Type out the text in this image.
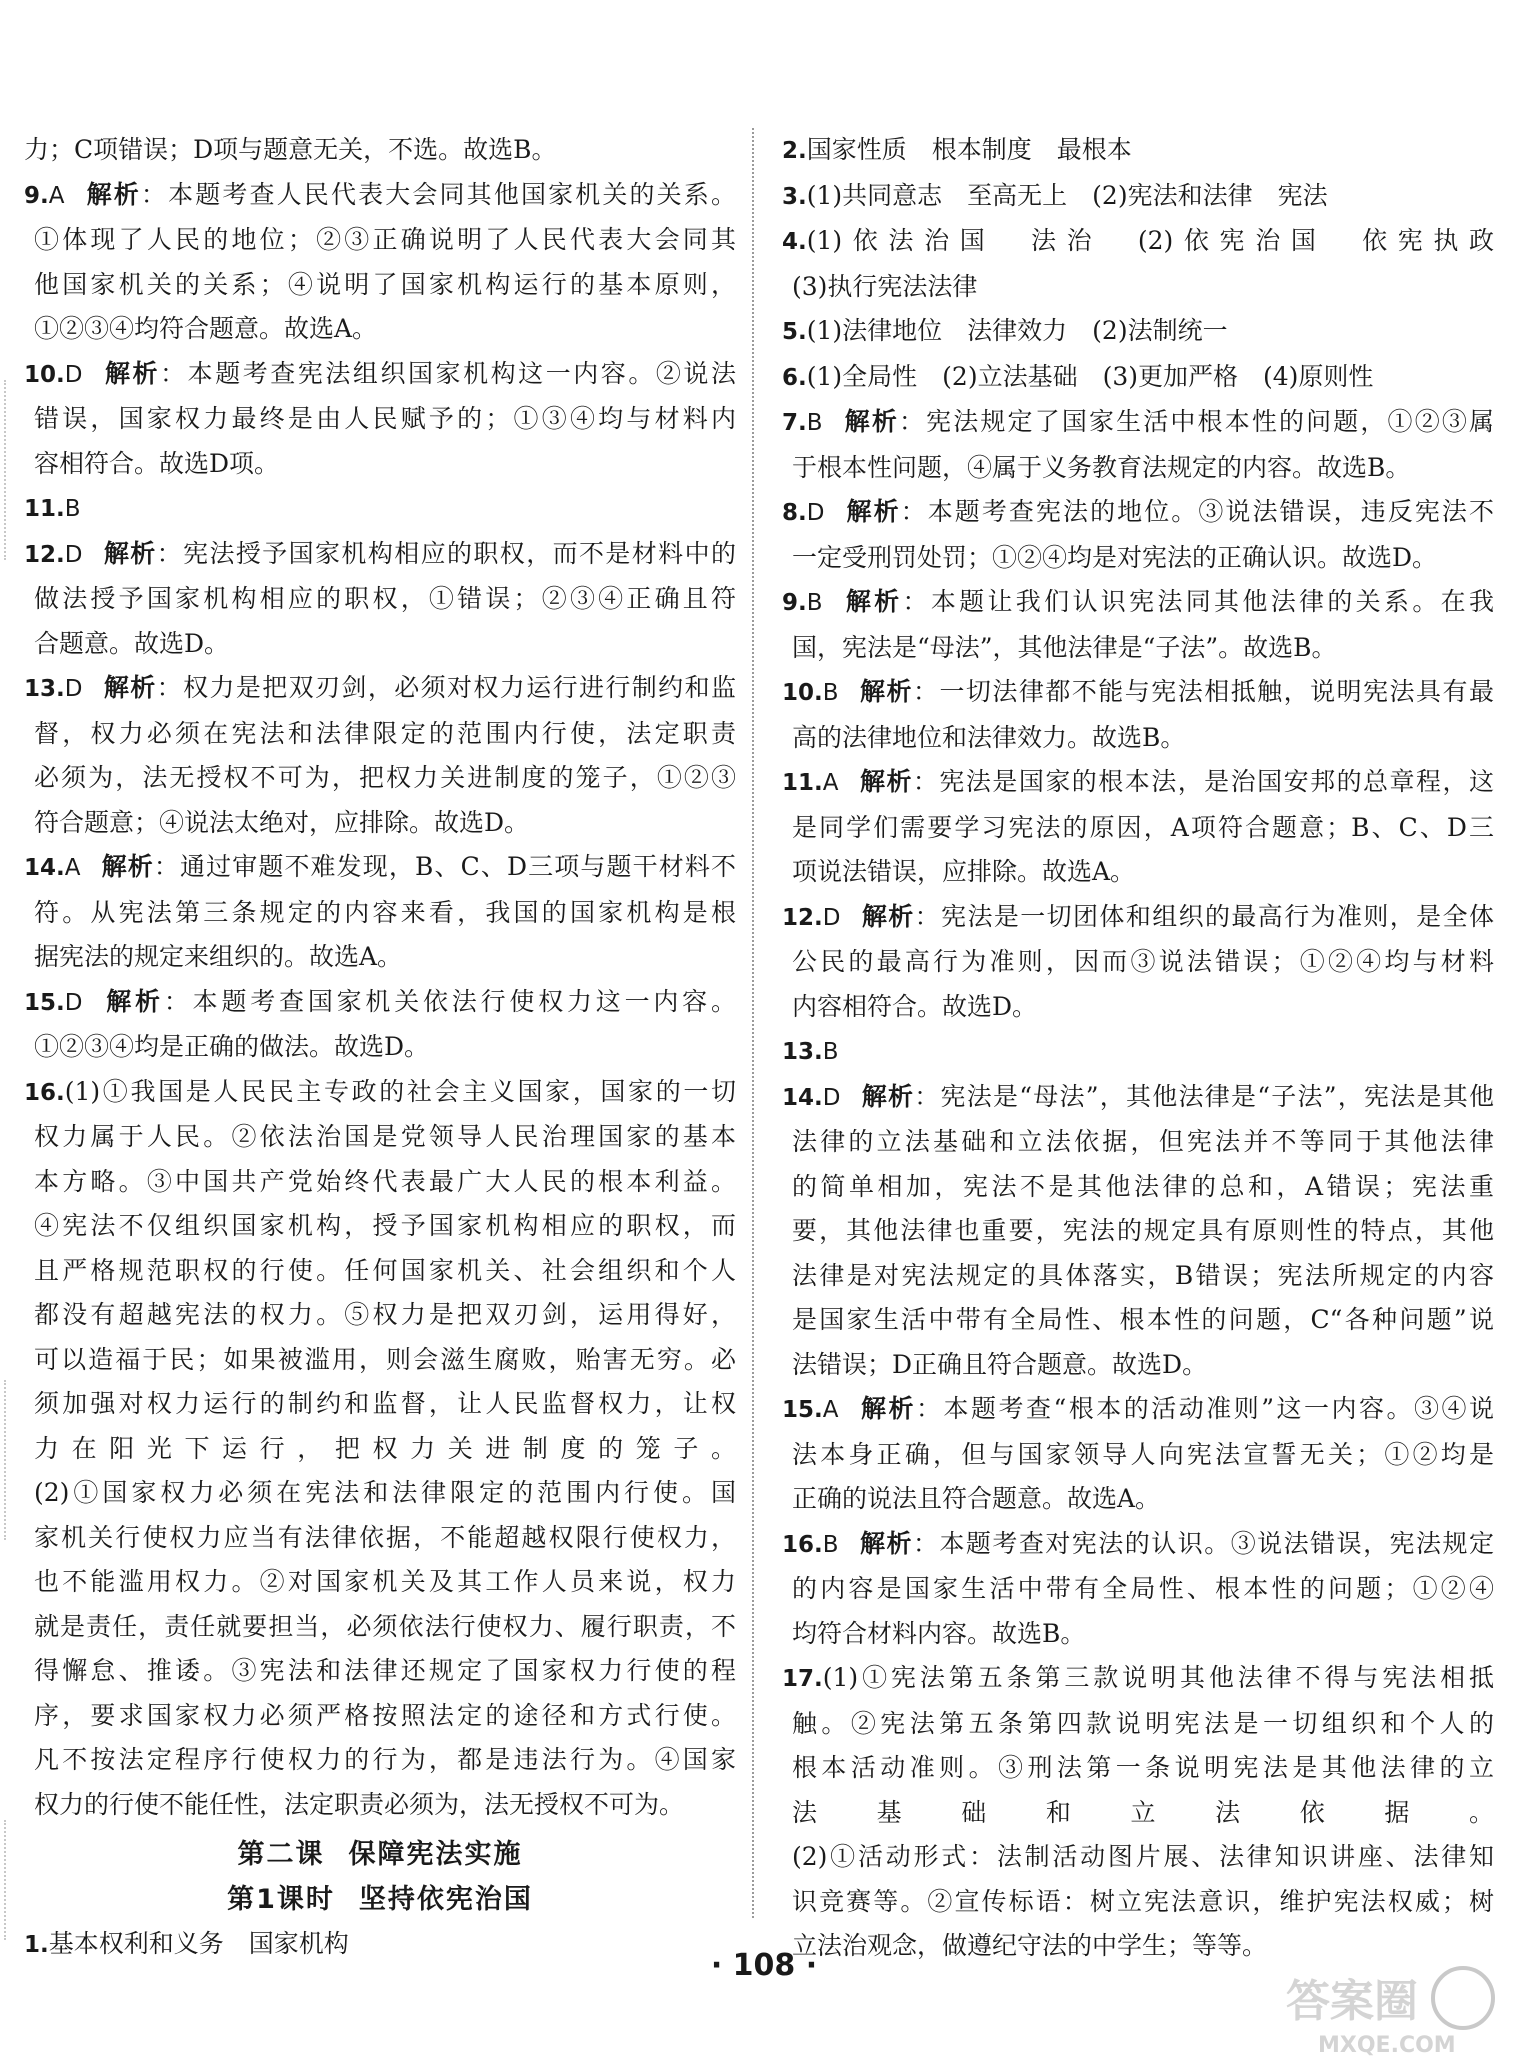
力；C项错误；D项与题意无关，不选。故选B。
9.A 解析：本题考查人民代表大会同其他国家机关的关系。
①体现了人民的地位；②③正确说明了人民代表大会同其
他国家机关的关系；④说明了国家机构运行的基本原则，
①②③④均符合题意。故选A。
10.D 解析：本题考查宪法组织国家机构这一内容。②说法
错误，国家权力最终是由人民赋予的；①③④均与材料内
容相符合。故选D项。
11.B
12.D 解析：宪法授予国家机构相应的职权，而不是材料中的
做法授予国家机构相应的职权，①错误；②③④正确且符
合题意。故选D。
13.D 解析：权力是把双刃剑，必须对权力运行进行制约和监
督，权力必须在宪法和法律限定的范围内行使，法定职责
必须为，法无授权不可为，把权力关进制度的笼子，①②③
符合题意；④说法太绝对，应排除。故选D。
14.A 解析：通过审题不难发现，B、C、D三项与题干材料不
符。从宪法第三条规定的内容来看，我国的国家机构是根
据宪法的规定来组织的。故选A。
15.D 解析：本题考查国家机关依法行使权力这一内容。
①②③④均是正确的做法。故选D。
16.(1)①我国是人民民主专政的社会主义国家，国家的一切
权力属于人民。②依法治国是党领导人民治理国家的基本
本方略。③中国共产党始终代表最广大人民的根本利益。
④宪法不仅组织国家机构，授予国家机构相应的职权，而
且严格规范职权的行使。任何国家机关、社会组织和个人
都没有超越宪法的权力。⑤权力是把双刃剑，运用得好，
可以造福于民；如果被滥用，则会滋生腐败，贻害无穷。必
须加强对权力运行的制约和监督，让人民监督权力，让权
力在阳光下运行，把权力关进制度的笼子。
(2)①国家权力必须在宪法和法律限定的范围内行使。国
家机关行使权力应当有法律依据，不能超越权限行使权力，
也不能滥用权力。②对国家机关及其工作人员来说，权力
就是责任，责任就要担当，必须依法行使权力、履行职责，不
得懈怠、推诿。③宪法和法律还规定了国家权力行使的程
序，要求国家权力必须严格按照法定的途径和方式行使。
凡不按法定程序行使权力的行为，都是违法行为。④国家
权力的行使不能任性，法定职责必须为，法无授权不可为。
第二课 保障宪法实施
第1课时 坚持依宪治国
1.基本权利和义务　国家机构
2.国家性质　根本制度　最根本
3.(1)共同意志　至高无上　(2)宪法和法律　宪法
4.(1)依法治国　法治　(2)依宪治国　依宪执政
(3)执行宪法法律
5.(1)法律地位　法律效力　(2)法制统一
6.(1)全局性　(2)立法基础　(3)更加严格　(4)原则性
7.B 解析：宪法规定了国家生活中根本性的问题，①②③属
于根本性问题，④属于义务教育法规定的内容。故选B。
8.D 解析：本题考查宪法的地位。③说法错误，违反宪法不
一定受刑罚处罚；①②④均是对宪法的正确认识。故选D。
9.B 解析：本题让我们认识宪法同其他法律的关系。在我
国，宪法是“母法”，其他法律是“子法”。故选B。
10.B 解析：一切法律都不能与宪法相抵触，说明宪法具有最
高的法律地位和法律效力。故选B。
11.A 解析：宪法是国家的根本法，是治国安邦的总章程，这
是同学们需要学习宪法的原因，A项符合题意；B、C、D三
项说法错误，应排除。故选A。
12.D 解析：宪法是一切团体和组织的最高行为准则，是全体
公民的最高行为准则，因而③说法错误；①②④均与材料
内容相符合。故选D。
13.B
14.D 解析：宪法是“母法”，其他法律是“子法”，宪法是其他
法律的立法基础和立法依据，但宪法并不等同于其他法律
的简单相加，宪法不是其他法律的总和，A错误；宪法重
要，其他法律也重要，宪法的规定具有原则性的特点，其他
法律是对宪法规定的具体落实，B错误；宪法所规定的内容
是国家生活中带有全局性、根本性的问题，C“各种问题”说
法错误；D正确且符合题意。故选D。
15.A 解析：本题考查“根本的活动准则”这一内容。③④说
法本身正确，但与国家领导人向宪法宣誓无关；①②均是
正确的说法且符合题意。故选A。
16.B 解析：本题考查对宪法的认识。③说法错误，宪法规定
的内容是国家生活中带有全局性、根本性的问题；①②④
均符合材料内容。故选B。
17.(1)①宪法第五条第三款说明其他法律不得与宪法相抵
触。②宪法第五条第四款说明宪法是一切组织和个人的
根本活动准则。③刑法第一条说明宪法是其他法律的立
法基础和立法依据。
(2)①活动形式：法制活动图片展、法律知识讲座、法律知
识竞赛等。②宣传标语：树立宪法意识，维护宪法权威；树
立法治观念，做遵纪守法的中学生；等等。
· 108 ·
答案圈
MXQE.COM
